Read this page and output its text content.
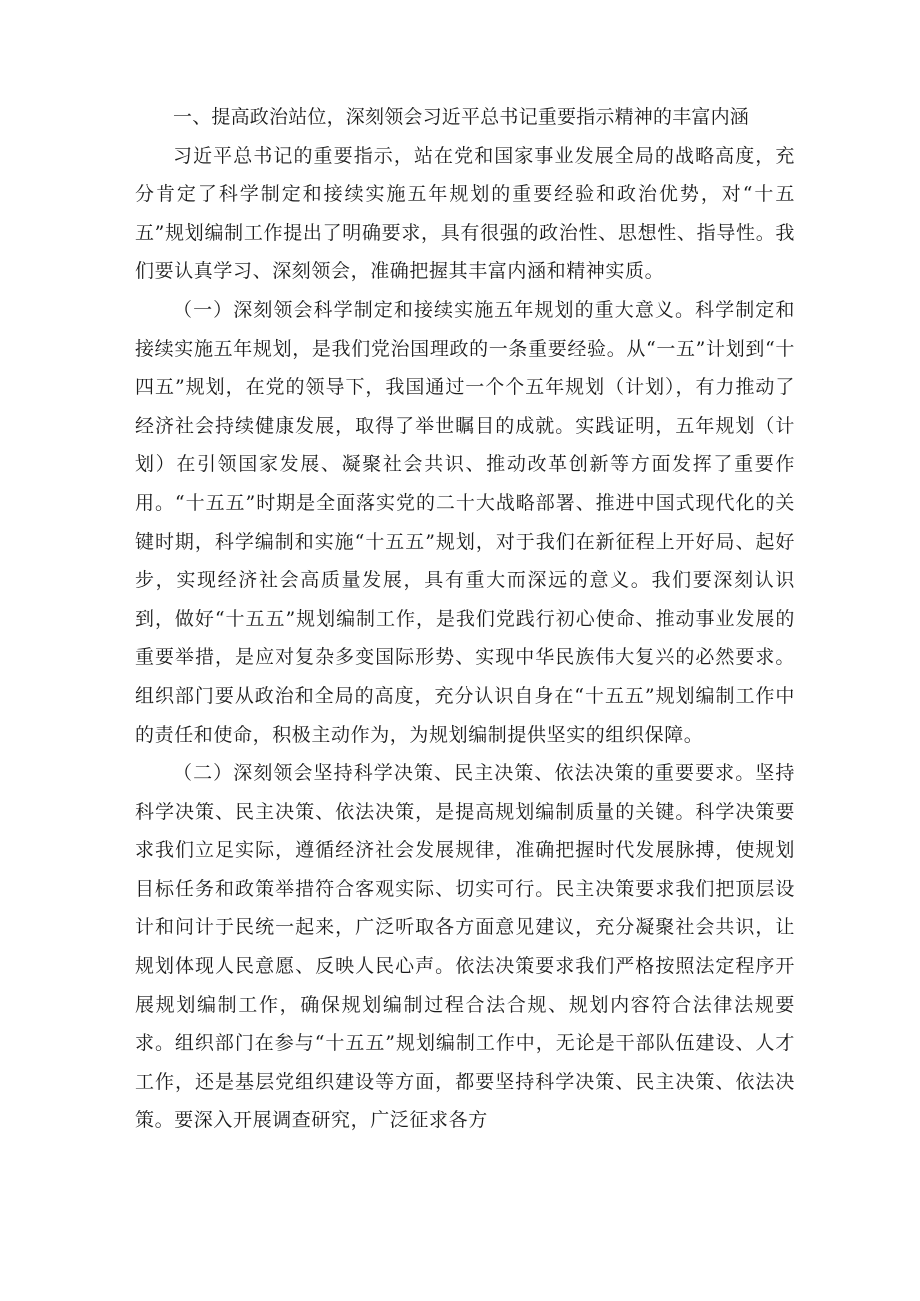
一、提高政治站位，深刻领会习近平总书记重要指示精神的丰富内涵

习近平总书记的重要指示，站在党和国家事业发展全局的战略高度，充分肯定了科学制定和接续实施五年规划的重要经验和政治优势，对“十五五”规划编制工作提出了明确要求，具有很强的政治性、思想性、指导性。我们要认真学习、深刻领会，准确把握其丰富内涵和精神实质。

（一）深刻领会科学制定和接续实施五年规划的重大意义。科学制定和接续实施五年规划，是我们党治国理政的一条重要经验。从“一五”计划到“十四五”规划，在党的领导下，我国通过一个个五年规划（计划），有力推动了经济社会持续健康发展，取得了举世瞩目的成就。实践证明，五年规划（计划）在引领国家发展、凝聚社会共识、推动改革创新等方面发挥了重要作用。“十五五”时期是全面落实党的二十大战略部署、推进中国式现代化的关键时期，科学编制和实施“十五五”规划，对于我们在新征程上开好局、起好步，实现经济社会高质量发展，具有重大而深远的意义。我们要深刻认识到，做好“十五五”规划编制工作，是我们党践行初心使命、推动事业发展的重要举措，是应对复杂多变国际形势、实现中华民族伟大复兴的必然要求。组织部门要从政治和全局的高度，充分认识自身在“十五五”规划编制工作中的责任和使命，积极主动作为，为规划编制提供坚实的组织保障。

（二）深刻领会坚持科学决策、民主决策、依法决策的重要要求。坚持科学决策、民主决策、依法决策，是提高规划编制质量的关键。科学决策要求我们立足实际，遵循经济社会发展规律，准确把握时代发展脉搏，使规划目标任务和政策举措符合客观实际、切实可行。民主决策要求我们把顶层设计和问计于民统一起来，广泛听取各方面意见建议，充分凝聚社会共识，让规划体现人民意愿、反映人民心声。依法决策要求我们严格按照法定程序开展规划编制工作，确保规划编制过程合法合规、规划内容符合法律法规要求。组织部门在参与“十五五”规划编制工作中，无论是干部队伍建设、人才工作，还是基层党组织建设等方面，都要坚持科学决策、民主决策、依法决策。要深入开展调查研究，广泛征求各方
